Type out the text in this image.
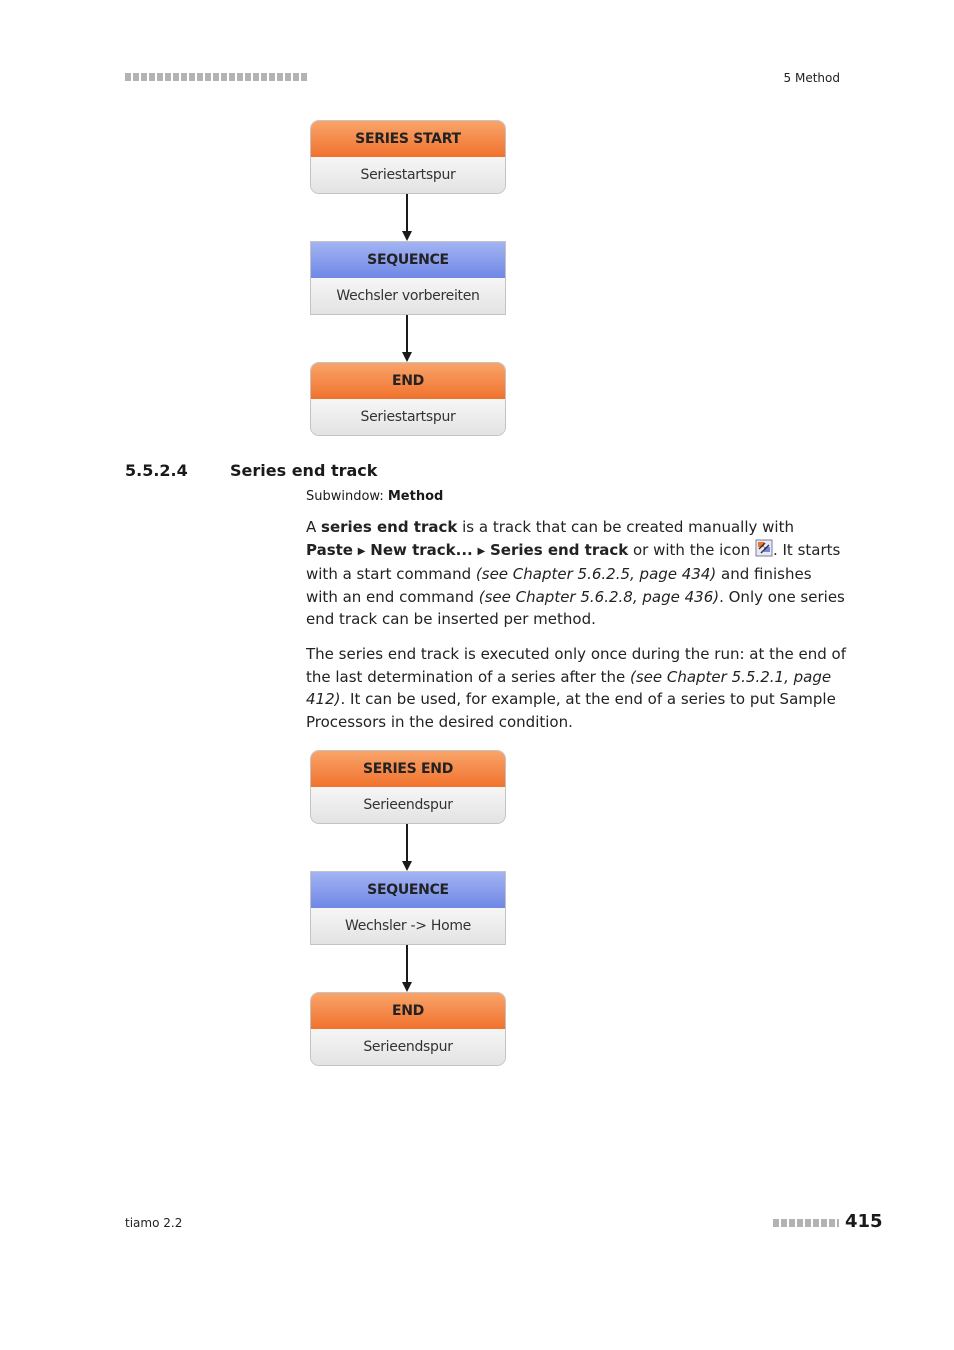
5 Method
SERIES START
Seriestartspur
SEQUENCE
Wechsler vorbereiten
END
Seriestartspur
5.5.2.4	Series end track
Subwindow: Method
A series end track is a track that can be created manually with
Paste ▶ New track... ▶ Series end track or with the icon . It starts with a start command (see Chapter 5.6.2.5, page 434) and finishes with an end command (see Chapter 5.6.2.8, page 436). Only one series end track can be inserted per method.
The series end track is executed only once during the run: at the end of the last determination of a series after the (see Chapter 5.5.2.1, page 412). It can be used, for example, at the end of a series to put Sample Processors in the desired condition.
SERIES END
Serieendspur
SEQUENCE
Wechsler -> Home
END
Serieendspur
tiamo 2.2	415
